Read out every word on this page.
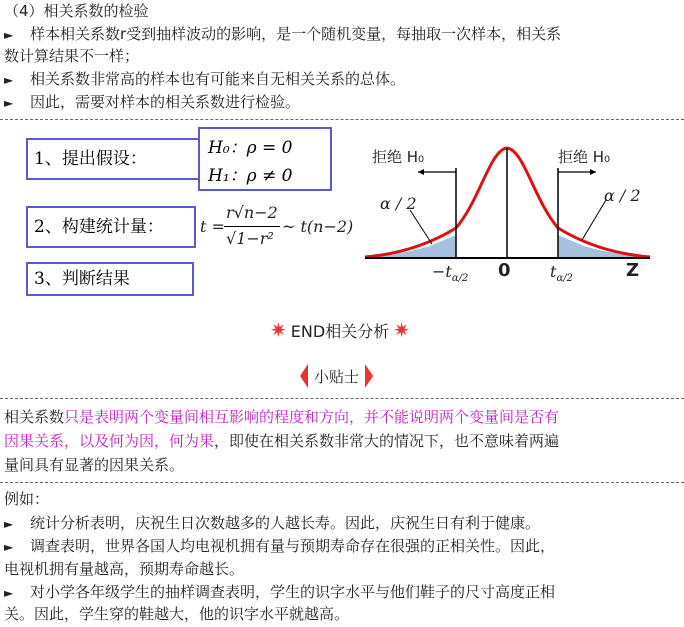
（4）相关系数的检验
► 样本相关系数r受到抽样波动的影响，是一个随机变量，每抽取一次样本，相关系
数计算结果不一样；
► 相关系数非常高的样本也有可能来自无相关关系的总体。
► 因此，需要对样本的相关系数进行检验。
1、提出假设：
H₀：ρ = 0
H₁：ρ ≠ 0
2、构建统计量：	t =
r√n−2
√1−r²
~ t(n−2)
3、判断结果
拒绝 H₀	拒绝 H₀
α / 2	α / 2
$-t_{\alpha/2}$ 0 $t_{\alpha/2}$	Z
✷ END相关分析 ✷
小贴士
相关系数只是表明两个变量间相互影响的程度和方向，并不能说明两个变量间是否有
因果关系，以及何为因，何为果，即使在相关系数非常大的情况下，也不意味着两遍
量间具有显著的因果关系。
例如：
► 统计分析表明，庆祝生日次数越多的人越长寿。因此，庆祝生日有利于健康。
► 调查表明，世界各国人均电视机拥有量与预期寿命存在很强的正相关性。因此，
电视机拥有量越高，预期寿命越长。
► 对小学各年级学生的抽样调查表明，学生的识字水平与他们鞋子的尺寸高度正相
关。因此，学生穿的鞋越大，他的识字水平就越高。
